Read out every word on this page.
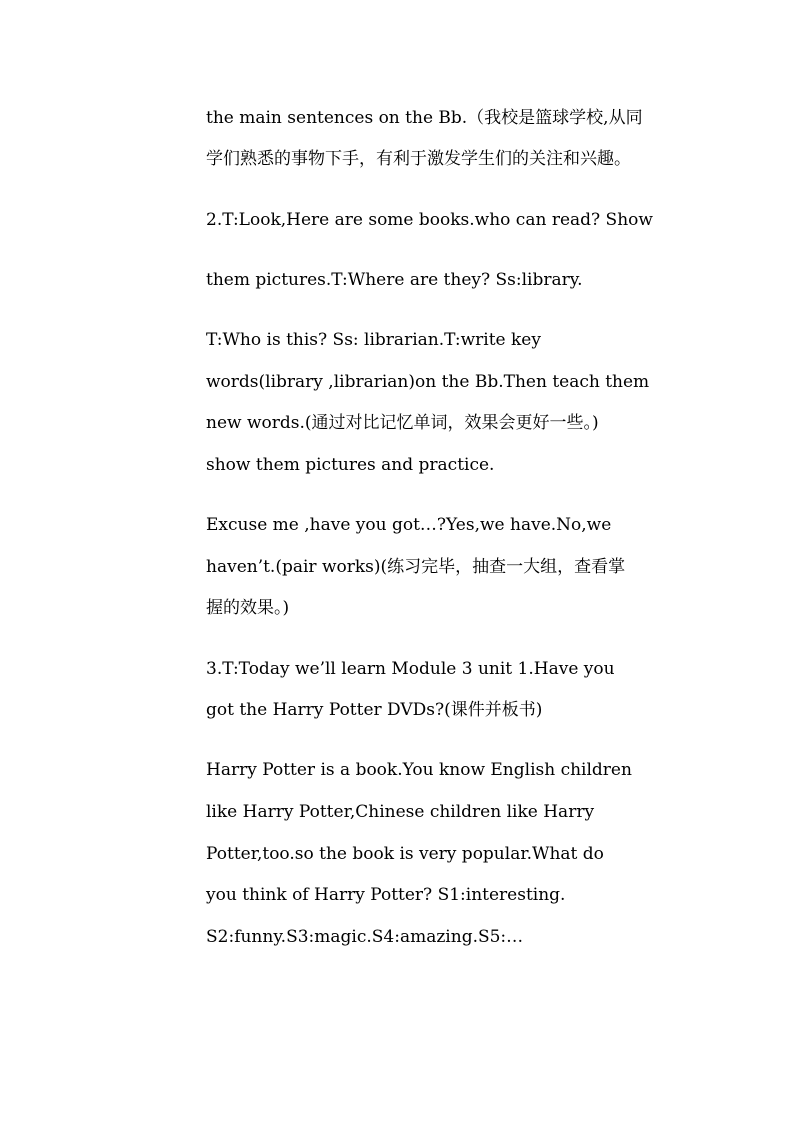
the main sentences on the Bb.（我校是篮球学校,从同
学们熟悉的事物下手，有利于激发学生们的关注和兴趣。
2.T:Look,Here are some books.who can read? Show
them pictures.T:Where are they? Ss:library.
T:Who is this? Ss: librarian.T:write key
words(library ,librarian)on the Bb.Then teach them
new words.(通过对比记忆单词，效果会更好一些。)
show them pictures and practice.
Excuse me ,have you got…?Yes,we have.No,we
haven’t.(pair works)(练习完毕，抽查一大组，查看掌
握的效果。)
3.T:Today we’ll learn Module 3 unit 1.Have you
got the Harry Potter DVDs?(课件并板书)
Harry Potter is a book.You know English children
like Harry Potter,Chinese children like Harry
Potter,too.so the book is very popular.What do
you think of Harry Potter? S1:interesting.
S2:funny.S3:magic.S4:amazing.S5:…
